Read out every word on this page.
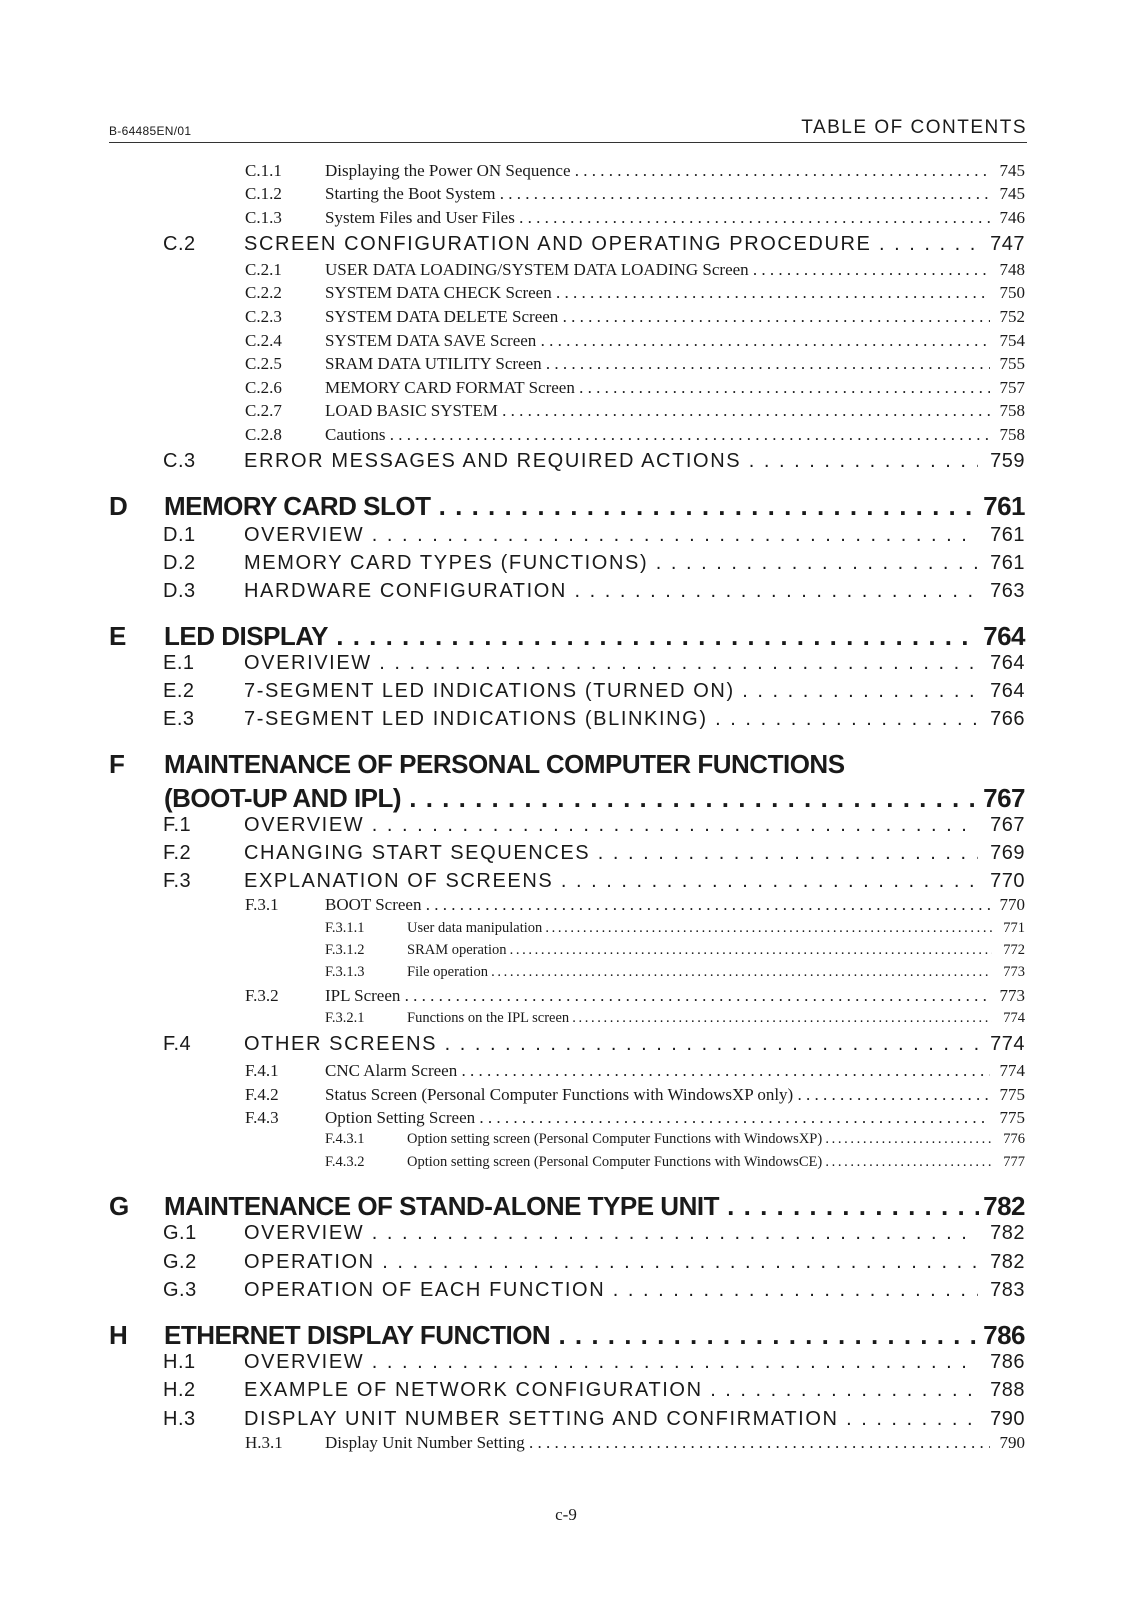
B-64485EN/01	TABLE OF CONTENTS
C.1.1	Displaying the Power ON Sequence . . .	745
C.1.2	Starting the Boot System . . .	745
C.1.3	System Files and User Files . . .	746
C.2 SCREEN CONFIGURATION AND OPERATING PROCEDURE . . .	747
C.2.1	USER DATA LOADING/SYSTEM DATA LOADING Screen . . .	748
C.2.2	SYSTEM DATA CHECK Screen . . .	750
C.2.3	SYSTEM DATA DELETE Screen . . .	752
C.2.4	SYSTEM DATA SAVE Screen . . .	754
C.2.5	SRAM DATA UTILITY Screen . . .	755
C.2.6	MEMORY CARD FORMAT Screen . . .	757
C.2.7	LOAD BASIC SYSTEM . . .	758
C.2.8	Cautions . . .	758
C.3 ERROR MESSAGES AND REQUIRED ACTIONS . . .	759
D MEMORY CARD SLOT . . .	761
D.1 OVERVIEW . . .	761
D.2 MEMORY CARD TYPES (FUNCTIONS) . . .	761
D.3 HARDWARE CONFIGURATION . . .	763
E LED DISPLAY . . .	764
E.1 OVERIVIEW . . .	764
E.2 7-SEGMENT LED INDICATIONS (TURNED ON) . . .	764
E.3 7-SEGMENT LED INDICATIONS (BLINKING) . . .	766
F MAINTENANCE OF PERSONAL COMPUTER FUNCTIONS
(BOOT-UP AND IPL) . . .	767
F.1	OVERVIEW . . .	767
F.2	CHANGING START SEQUENCES . . .	769
F.3	EXPLANATION OF SCREENS . . .	770
F.3.1	BOOT Screen . . .	770
F.3.1.1	User data manipulation . . .	771
F.3.1.2	SRAM operation . . .	772
F.3.1.3	File operation . . .	773
F.3.2	IPL Screen . . .	773
F.3.2.1	Functions on the IPL screen . . .	774
F.4	OTHER SCREENS . . .	774
F.4.1	CNC Alarm Screen . . .	774
F.4.2	Status Screen (Personal Computer Functions with WindowsXP only) . . .	775
F.4.3	Option Setting Screen . . .	775
F.4.3.1	Option setting screen (Personal Computer Functions with WindowsXP) . . .	776
F.4.3.2	Option setting screen (Personal Computer Functions with WindowsCE) . . .	777
G MAINTENANCE OF STAND-ALONE TYPE UNIT . . .	782
G.1 OVERVIEW . . .	782
G.2 OPERATION . . .	782
G.3 OPERATION OF EACH FUNCTION . . .	783
H ETHERNET DISPLAY FUNCTION . . .	786
H.1 OVERVIEW . . .	786
H.2 EXAMPLE OF NETWORK CONFIGURATION . . .	788
H.3 DISPLAY UNIT NUMBER SETTING AND CONFIRMATION . . .	790
H.3.1 Display Unit Number Setting . . .	790
c-9
